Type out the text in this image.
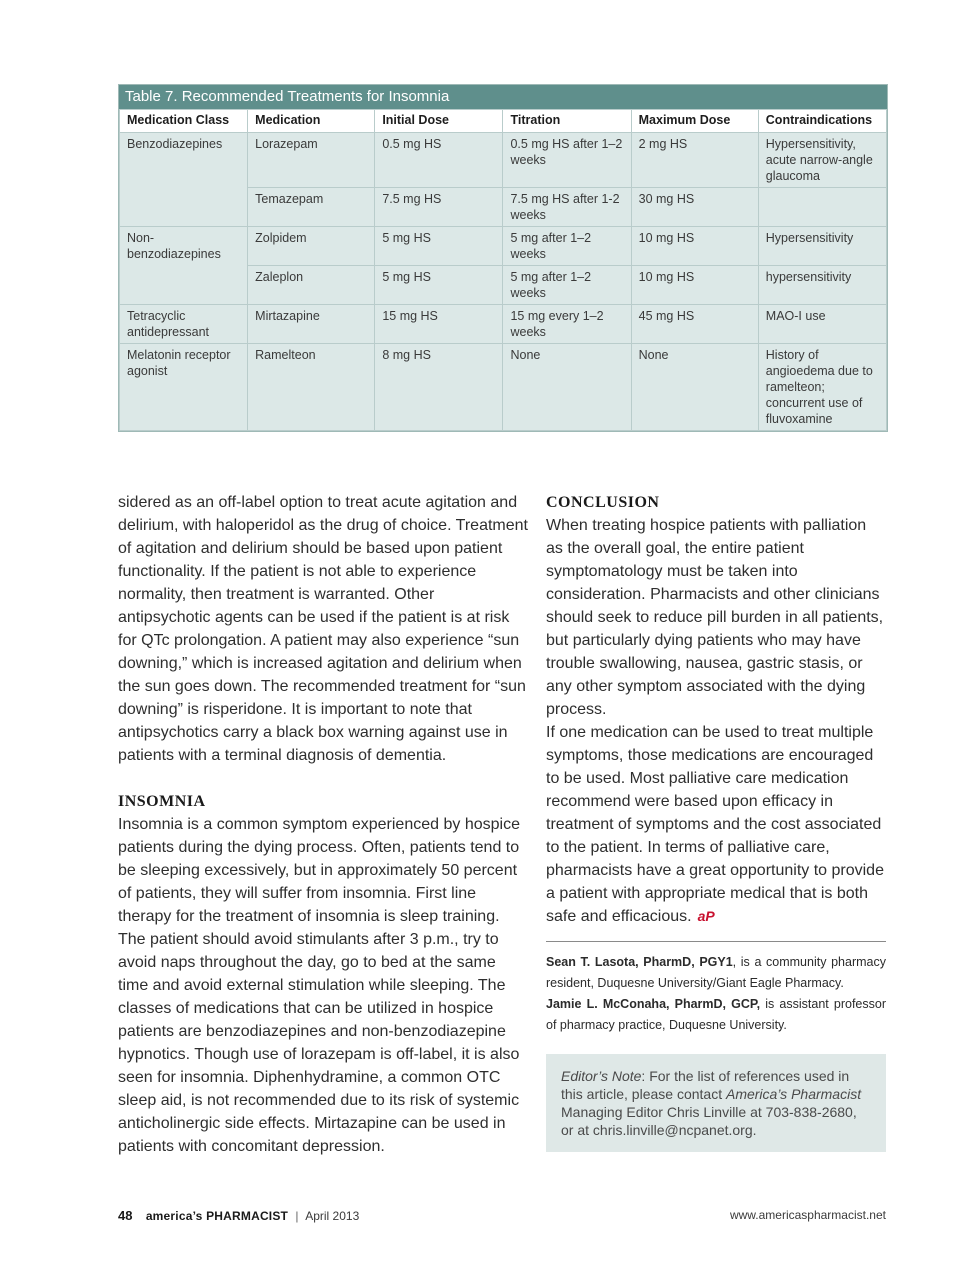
Table 7. Recommended Treatments for Insomnia
Medication Class	Medication	Initial Dose	Titration	Maximum Dose	Contraindications
Benzodiazepines	Lorazepam	0.5 mg HS	0.5 mg HS after 1–2 weeks	2 mg HS	Hypersensitivity, acute narrow-angle glaucoma
	Temazepam	7.5 mg HS	7.5 mg HS after 1-2 weeks	30 mg HS	
Non-benzodiazepines	Zolpidem	5 mg HS	5 mg after 1–2 weeks	10 mg HS	Hypersensitivity
	Zaleplon	5 mg HS	5 mg after 1–2 weeks	10 mg HS	hypersensitivity
Tetracyclic antidepressant	Mirtazapine	15 mg HS	15 mg every 1–2 weeks	45 mg HS	MAO-I use
Melatonin receptor agonist	Ramelteon	8 mg HS	None	None	History of angioedema due to ramelteon; concurrent use of fluvoxamine

sidered as an off-label option to treat acute agitation and delirium, with haloperidol as the drug of choice. Treatment of agitation and delirium should be based upon patient functionality. If the patient is not able to experience normality, then treatment is warranted. Other antipsychotic agents can be used if the patient is at risk for QTc prolongation. A patient may also experience “sun downing,” which is increased agitation and delirium when the sun goes down. The recommended treatment for “sun downing” is risperidone. It is important to note that antipsychotics carry a black box warning against use in patients with a terminal diagnosis of dementia.

INSOMNIA

Insomnia is a common symptom experienced by hospice patients during the dying process. Often, patients tend to be sleeping excessively, but in approximately 50 percent of patients, they will suffer from insomnia. First line therapy for the treatment of insomnia is sleep training. The patient should avoid stimulants after 3 p.m., try to avoid naps throughout the day, go to bed at the same time and avoid external stimulation while sleeping. The classes of medications that can be utilized in hospice patients are benzodiazepines and non-benzodiazepine hypnotics. Though use of lorazepam is off-label, it is also seen for insomnia. Diphenhydramine, a common OTC sleep aid, is not recommended due to its risk of systemic anticholinergic side effects. Mirtazapine can be used in patients with concomitant depression.

CONCLUSION

When treating hospice patients with palliation as the overall goal, the entire patient symptomatology must be taken into consideration. Pharmacists and other clinicians should seek to reduce pill burden in all patients, but particularly dying patients who may have trouble swallowing, nausea, gastric stasis, or any other symptom associated with the dying process.

If one medication can be used to treat multiple symptoms, those medications are encouraged to be used. Most palliative care medication recommend were based upon efficacy in treatment of symptoms and the cost associated to the patient. In terms of palliative care, pharmacists have a great opportunity to provide a patient with appropriate medical that is both safe and efficacious. aP

Sean T. Lasota, PharmD, PGY1, is a community pharmacy resident, Duquesne University/Giant Eagle Pharmacy.

Jamie L. McConaha, PharmD, GCP, is assistant professor of pharmacy practice, Duquesne University.

Editor’s Note: For the list of references used in this article, please contact America’s Pharmacist Managing Editor Chris Linville at 703-838-2680, or at chris.linville@ncpanet.org.
48 america’s PHARMACIST | April 2013	www.americaspharmacist.net
